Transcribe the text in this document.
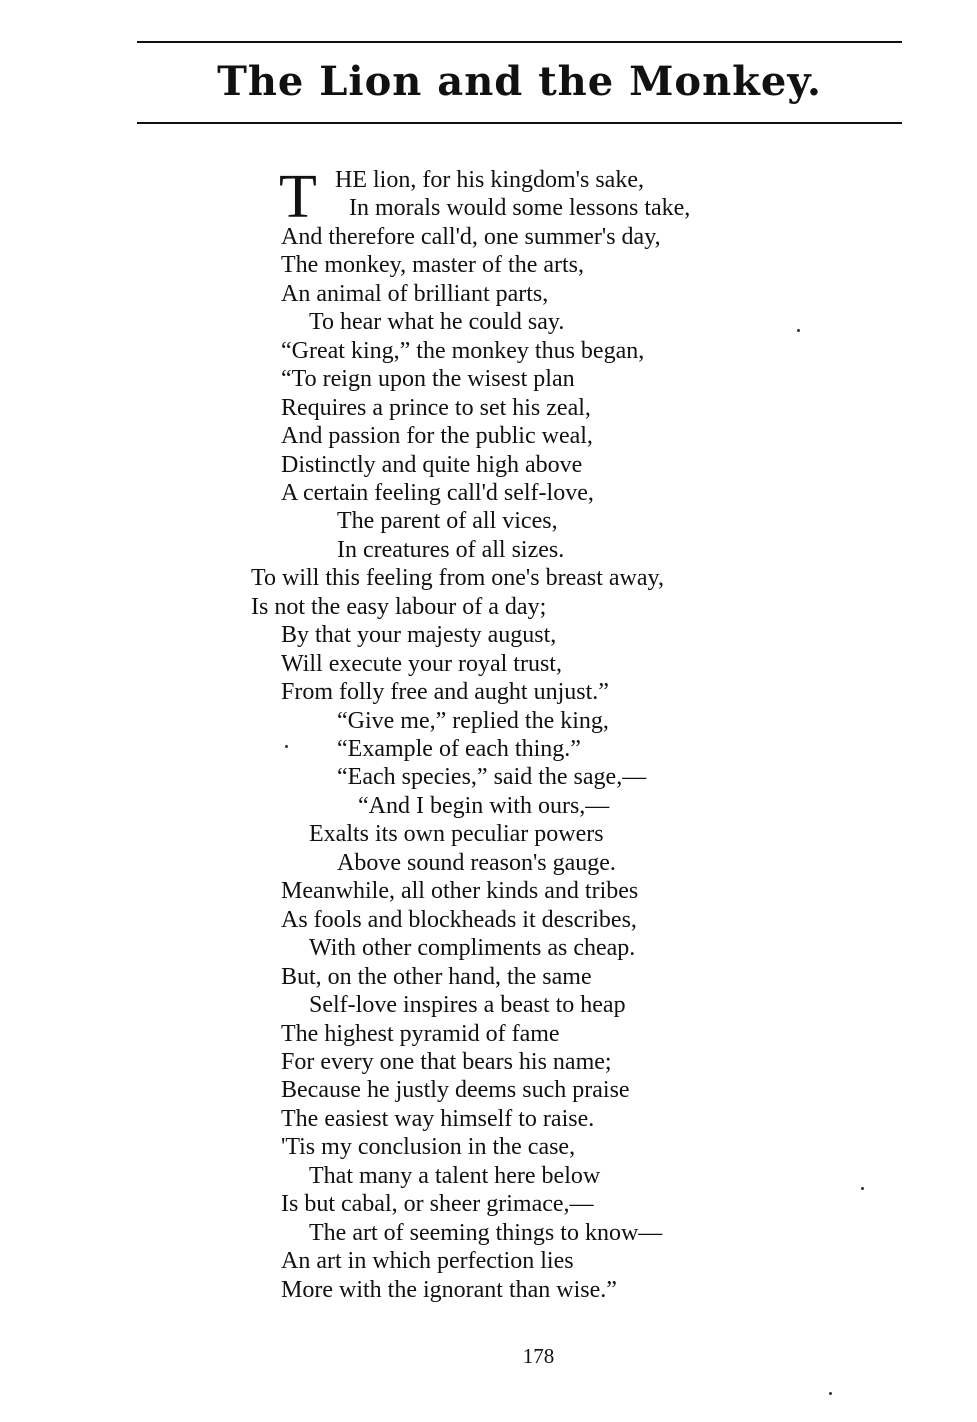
The Lion and the Monkey.
T HE lion, for his kingdom's sake,
In morals would some lessons take,
And therefore call'd, one summer's day,
The monkey, master of the arts,
An animal of brilliant parts,
To hear what he could say.
“Great king,” the monkey thus began,
“To reign upon the wisest plan
Requires a prince to set his zeal,
And passion for the public weal,
Distinctly and quite high above
A certain feeling call'd self-love,
The parent of all vices,
In creatures of all sizes.
To will this feeling from one's breast away,
Is not the easy labour of a day;
By that your majesty august,
Will execute your royal trust,
From folly free and aught unjust.”
“Give me,” replied the king,
“Example of each thing.”
“Each species,” said the sage,—
“And I begin with ours,—
Exalts its own peculiar powers
Above sound reason's gauge.
Meanwhile, all other kinds and tribes
As fools and blockheads it describes,
With other compliments as cheap.
But, on the other hand, the same
Self-love inspires a beast to heap
The highest pyramid of fame
For every one that bears his name;
Because he justly deems such praise
The easiest way himself to raise.
'Tis my conclusion in the case,
That many a talent here below
Is but cabal, or sheer grimace,—
The art of seeming things to know—
An art in which perfection lies
More with the ignorant than wise.”
178
